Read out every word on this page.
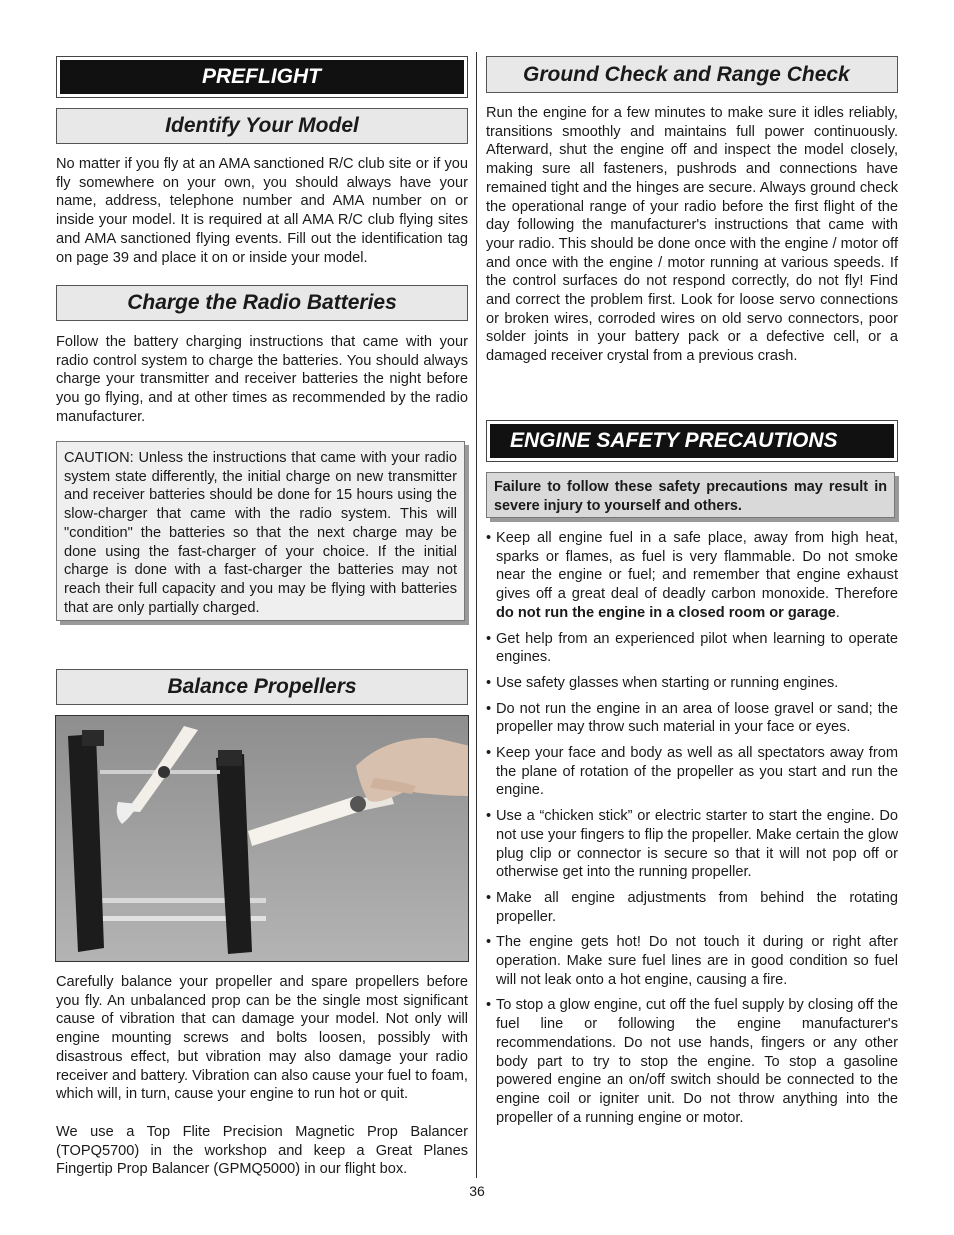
PREFLIGHT
Identify Your Model

No matter if you fly at an AMA sanctioned R/C club site or if you fly somewhere on your own, you should always have your name, address, telephone number and AMA number on or inside your model. It is required at all AMA R/C club flying sites and AMA sanctioned flying events. Fill out the identification tag on page 39 and place it on or inside your model.

Charge the Radio Batteries

Follow the battery charging instructions that came with your radio control system to charge the batteries. You should always charge your transmitter and receiver batteries the night before you go flying, and at other times as recommended by the radio manufacturer.

CAUTION: Unless the instructions that came with your radio system state differently, the initial charge on new transmitter and receiver batteries should be done for 15 hours using the slow-charger that came with the radio system. This will "condition" the batteries so that the next charge may be done using the fast-charger of your choice. If the initial charge is done with a fast-charger the batteries may not reach their full capacity and you may be flying with batteries that are only partially charged.

Balance Propellers

Carefully balance your propeller and spare propellers before you fly. An unbalanced prop can be the single most significant cause of vibration that can damage your model. Not only will engine mounting screws and bolts loosen, possibly with disastrous effect, but vibration may also damage your radio receiver and battery. Vibration can also cause your fuel to foam, which will, in turn, cause your engine to run hot or quit.

We use a Top Flite Precision Magnetic Prop Balancer (TOPQ5700) in the workshop and keep a Great Planes Fingertip Prop Balancer (GPMQ5000) in our flight box.

Ground Check and Range Check

Run the engine for a few minutes to make sure it idles reliably, transitions smoothly and maintains full power continuously. Afterward, shut the engine off and inspect the model closely, making sure all fasteners, pushrods and connections have remained tight and the hinges are secure. Always ground check the operational range of your radio before the first flight of the day following the manufacturer's instructions that came with your radio. This should be done once with the engine / motor off and once with the engine / motor running at various speeds. If the control surfaces do not respond correctly, do not fly! Find and correct the problem first. Look for loose servo connections or broken wires, corroded wires on old servo connectors, poor solder joints in your battery pack or a defective cell, or a damaged receiver crystal from a previous crash.

ENGINE SAFETY PRECAUTIONS
Failure to follow these safety precautions may result in severe injury to yourself and others.
• Keep all engine fuel in a safe place, away from high heat, sparks or flames, as fuel is very flammable. Do not smoke near the engine or fuel; and remember that engine exhaust gives off a great deal of deadly carbon monoxide. Therefore do not run the engine in a closed room or garage.
• Get help from an experienced pilot when learning to operate engines.
• Use safety glasses when starting or running engines.
• Do not run the engine in an area of loose gravel or sand; the propeller may throw such material in your face or eyes.
• Keep your face and body as well as all spectators away from the plane of rotation of the propeller as you start and run the engine.
• Use a “chicken stick” or electric starter to start the engine. Do not use your fingers to flip the propeller. Make certain the glow plug clip or connector is secure so that it will not pop off or otherwise get into the running propeller.
• Make all engine adjustments from behind the rotating propeller.
• The engine gets hot! Do not touch it during or right after operation. Make sure fuel lines are in good condition so fuel will not leak onto a hot engine, causing a fire.
• To stop a glow engine, cut off the fuel supply by closing off the fuel line or following the engine manufacturer's recommendations. Do not use hands, fingers or any other body part to try to stop the engine. To stop a gasoline powered engine an on/off switch should be connected to the engine coil or igniter unit. Do not throw anything into the propeller of a running engine or motor.
36
